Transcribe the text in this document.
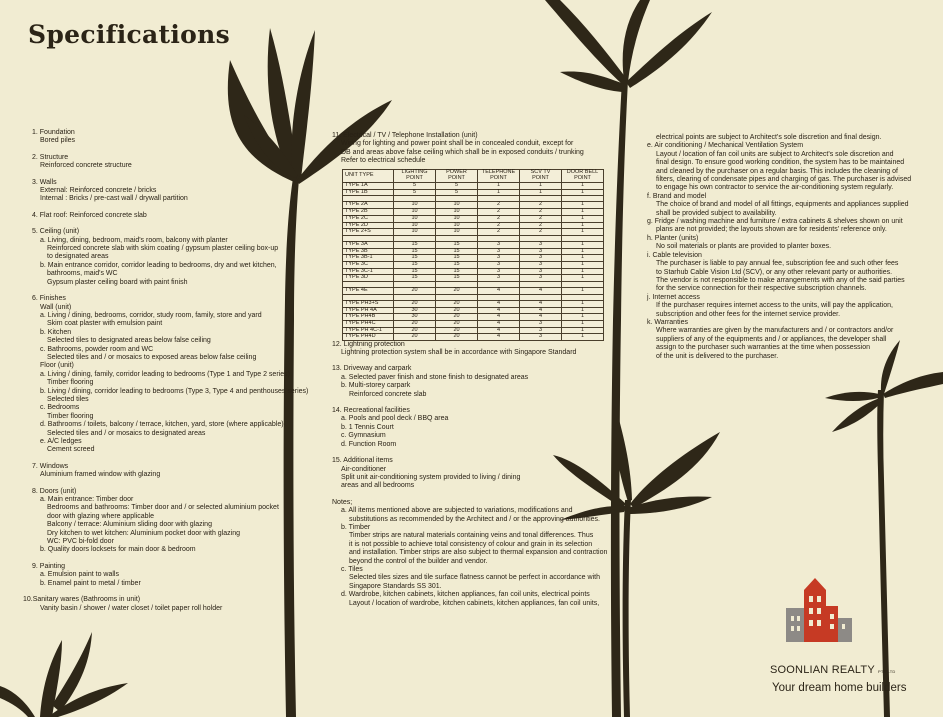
Specifications

1. Foundation

Bored piles

2. Structure

Reinforced concrete structure

3. Walls

External: Reinforced concrete / bricks

Internal : Bricks / pre-cast wall / drywall partition

4. Flat roof: Reinforced concrete slab

5. Ceiling (unit)

a. Living, dining, bedroom, maid's room, balcony with planter

Reinforced concrete slab with skim coating / gypsum plaster ceiling box-up

to designated areas

b. Main entrance corridor, corridor leading to bedrooms, dry and wet kitchen,

bathrooms, maid's WC

Gypsum plaster ceiling board with paint finish

6. Finishes

Wall (unit)

a. Living / dining, bedrooms, corridor, study room, family, store and yard

Skim coat plaster with emulsion paint

b. Kitchen

Selected tiles to designated areas below false ceiling

c. Bathrooms, powder room and WC

Selected tiles and / or mosaics to exposed areas below false ceiling

Floor (unit)

a. Living / dining, family, corridor leading to bedrooms (Type 1 and Type 2 series)

Timber flooring

b. Living / dining, corridor leading to bedrooms (Type 3, Type 4 and penthouses series)

Selected tiles

c. Bedrooms

Timber flooring

d. Bathrooms / toilets, balcony / terrace, kitchen, yard, store (where applicable)

Selected tiles and / or mosaics to designated areas

e. A/C ledges

Cement screed

7. Windows

Aluminium framed window with glazing

8. Doors (unit)

a. Main entrance: Timber door

Bedrooms and bathrooms: Timber door and / or selected aluminium pocket

door with glazing where applicable

Balcony / terrace: Aluminium sliding door with glazing

Dry kitchen to wet kitchen: Aluminium pocket door with glazing

WC: PVC bi-fold door

b. Quality doors locksets for main door & bedroom

9. Painting

a. Emulsion paint to walls

b. Enamel paint to metal / timber

10.Sanitary wares (Bathrooms in unit)

Vanity basin / shower / water closet / toilet paper roll holder

11. Electrical / TV / Telephone Installation (unit)

Wiring for lighting and power point shall be in concealed conduit, except for

DB and areas above false ceiling which shall be in exposed conduits / trunking

Refer to electrical schedule

12. Lightning protection

Lightning protection system shall be in accordance with Singapore Standard

13. Driveway and carpark

a. Selected paver finish and stone finish to designated areas

b. Multi-storey carpark

Reinforced concrete slab

14. Recreational facilities

a. Pools and pool deck / BBQ area

b. 1 Tennis Court

c. Gymnasium

d. Function Room

15. Additional items

Air-conditioner

Split unit air-conditioning system provided to living / dining

areas and all bedrooms

Notes;

a. All items mentioned above are subjected to variations, modifications and

substitutions as recommended by the Architect and / or the approving authorities.

b. Timber

Timber strips are natural materials containing veins and tonal differences. Thus

it is not possible to achieve total consistency of colour and grain in its selection

and installation. Timber strips are also subject to thermal expansion and contraction

beyond the control of the builder and vendor.

c. Tiles

Selected tiles sizes and tile surface flatness cannot be perfect in accordance with

Singapore Standards SS 301.

d. Wardrobe, kitchen cabinets, kitchen appliances, fan coil units, electrical points

Layout / location of wardrobe, kitchen cabinets, kitchen appliances, fan coil units,

UNIT TYPE	LIGHTING POINT	POWER POINT	TELEPHONE POINT	SCV TV POINT	DOOR BELL POINT
TYPE 1A	5	5	1	1	1
TYPE 1B	5	5	1	1	1

TYPE 2A	10	10	2	2	1
TYPE 2B	10	10	2	2	1
TYPE 2C	10	10	2	2	1
TYPE 2D	10	10	2	2	1
TYPE 2+S	10	10	2	2	1

TYPE 3A	15	15	3	3	1
TYPE 3B	15	15	3	3	1
TYPE 3B-1	15	15	3	3	1
TYPE 3C	15	15	3	3	1
TYPE 3C-1	15	15	3	3	1
TYPE 3D	15	15	3	3	1

TYPE 4E	20	20	4	4	1

TYPE PH3+S	20	20	4	4	1
TYPE PH 4A	30	20	4	4	1
TYPE PH4B	30	20	4	4	1
TYPE PH4C	20	20	4	3	1
TYPE PH 4C-1	20	20	4	3	1
TYPE PH4D	20	20	4	3	1

electrical points are subject to Architect's sole discretion and final design.

e. Air conditioning / Mechanical Ventilation System

Layout / location of fan coil units are subject to Architect's sole discretion and

final design. To ensure good working condition, the system has to be maintained

and cleaned by the purchaser on a regular basis. This includes the cleaning of

filters, clearing of condensate pipes and charging of gas. The purchaser is advised

to engage his own contractor to service the air-conditioning system regularly.

f. Brand and model

The choice of brand and model of all fittings, equipments and appliances supplied

shall be provided subject to availability.

g. Fridge / washing machine and furniture / extra cabinets & shelves shown on unit

plans are not provided; the layouts shown are for residents' reference only.

h. Planter (units)

No soil materials or plants are provided to planter boxes.

i. Cable television

The purchaser is liable to pay annual fee, subscription fee and such other fees

to Starhub Cable Vision Ltd (SCV), or any other relevant party or authorities.

The vendor is not responsible to make arrangements with any of the said parties

for the service connection for their respective subscription channels.

j. Internet access

If the purchaser requires internet access to the units, will pay the application,

subscription and other fees for the internet service provider.

k. Warranties

Where warranties are given by the manufacturers and / or contractors and/or

suppliers of any of the equipments and / or appliances, the developer shall

assign to the purchaser such warranties at the time when possession

of the unit is delivered to the purchaser.

SOONLIAN REALTY PTE LTD
Your dream home builders
